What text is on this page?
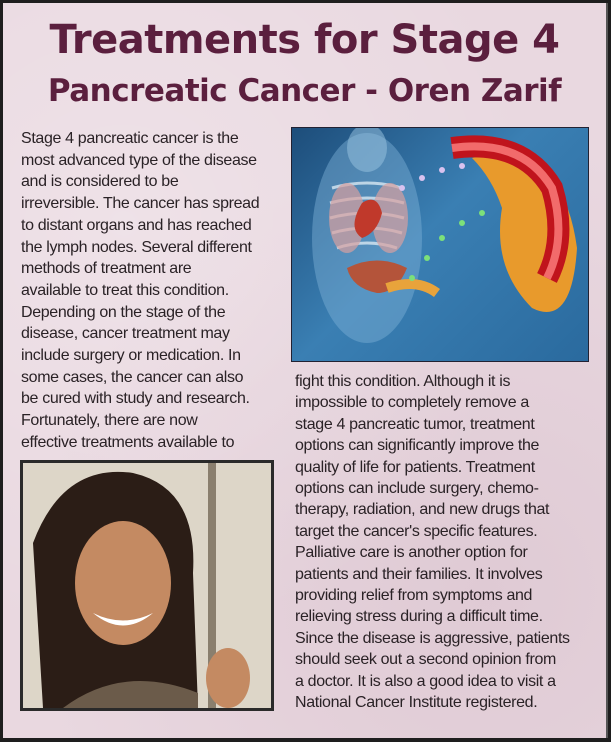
Treatments for Stage 4
Pancreatic Cancer - Oren Zarif
Stage 4 pancreatic cancer is the
most advanced type of the disease
and is considered to be
irreversible. The cancer has spread
to distant organs and has reached
the lymph nodes. Several different
methods of treatment are
available to treat this condition.
Depending on the stage of the
disease, cancer treatment may
include surgery or medication. In
some cases, the cancer can also
be cured with study and research.
Fortunately, there are now
effective treatments available to
fight this condition. Although it is
impossible to completely remove a
stage 4 pancreatic tumor, treatment
options can significantly improve the
quality of life for patients. Treatment
options can include surgery, chemo-
therapy, radiation, and new drugs that
target the cancer's specific features.
Palliative care is another option for
patients and their families. It involves
providing relief from symptoms and
relieving stress during a difficult time.
Since the disease is aggressive, patients
should seek out a second opinion from
a doctor. It is also a good idea to visit a
National Cancer Institute registered.
